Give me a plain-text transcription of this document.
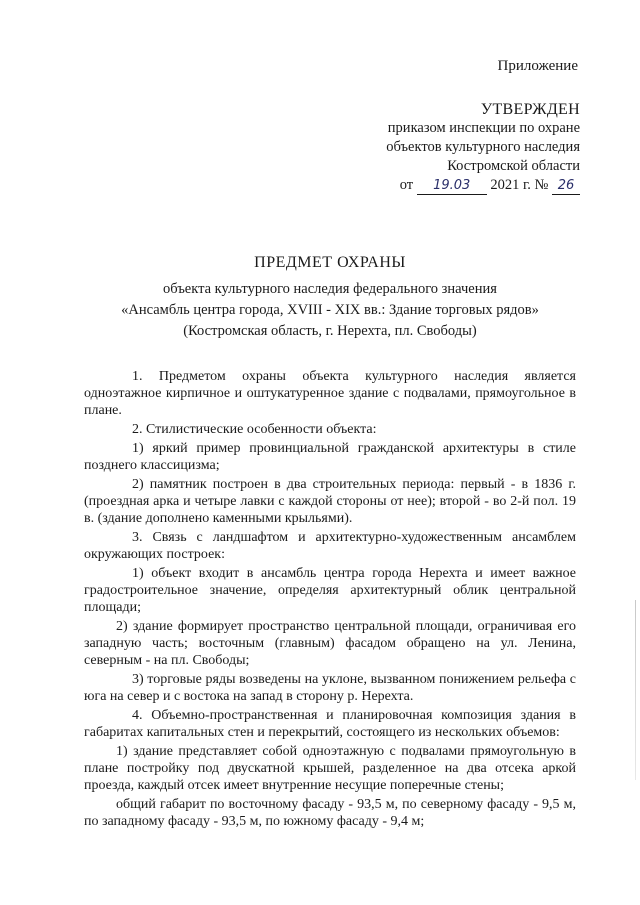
Приложение
УТВЕРЖДЕН
приказом инспекции по охране
объектов культурного наследия
Костромской области
от 19.03 2021 г. № 26
ПРЕДМЕТ ОХРАНЫ
объекта культурного наследия федерального значения
«Ансамбль центра города, XVIII - XIX вв.: Здание торговых рядов»
(Костромская область, г. Нерехта, пл. Свободы)

1. Предметом охраны объекта культурного наследия является одноэтажное кирпичное и оштукатуренное здание с подвалами, прямоугольное в плане.

2. Стилистические особенности объекта:

1) яркий пример провинциальной гражданской архитектуры в стиле позднего классицизма;

2) памятник построен в два строительных периода: первый - в 1836 г. (проездная арка и четыре лавки с каждой стороны от нее); второй - во 2-й пол. 19 в. (здание дополнено каменными крыльями).

3. Связь с ландшафтом и архитектурно-художественным ансамблем окружающих построек:

1) объект входит в ансамбль центра города Нерехта и имеет важное градостроительное значение, определяя архитектурный облик центральной площади;

2) здание формирует пространство центральной площади, ограничивая его западную часть; восточным (главным) фасадом обращено на ул. Ленина, северным - на пл. Свободы;

3) торговые ряды возведены на уклоне, вызванном понижением рельефа с юга на север и с востока на запад в сторону р. Нерехта.

4. Объемно-пространственная и планировочная композиция здания в габаритах капитальных стен и перекрытий, состоящего из нескольких объемов:

1) здание представляет собой одноэтажную с подвалами прямоугольную в плане постройку под двускатной крышей, разделенное на два отсека аркой проезда, каждый отсек имеет внутренние несущие поперечные стены;

общий габарит по восточному фасаду - 93,5 м, по северному фасаду - 9,5 м, по западному фасаду - 93,5 м, по южному фасаду - 9,4 м;
